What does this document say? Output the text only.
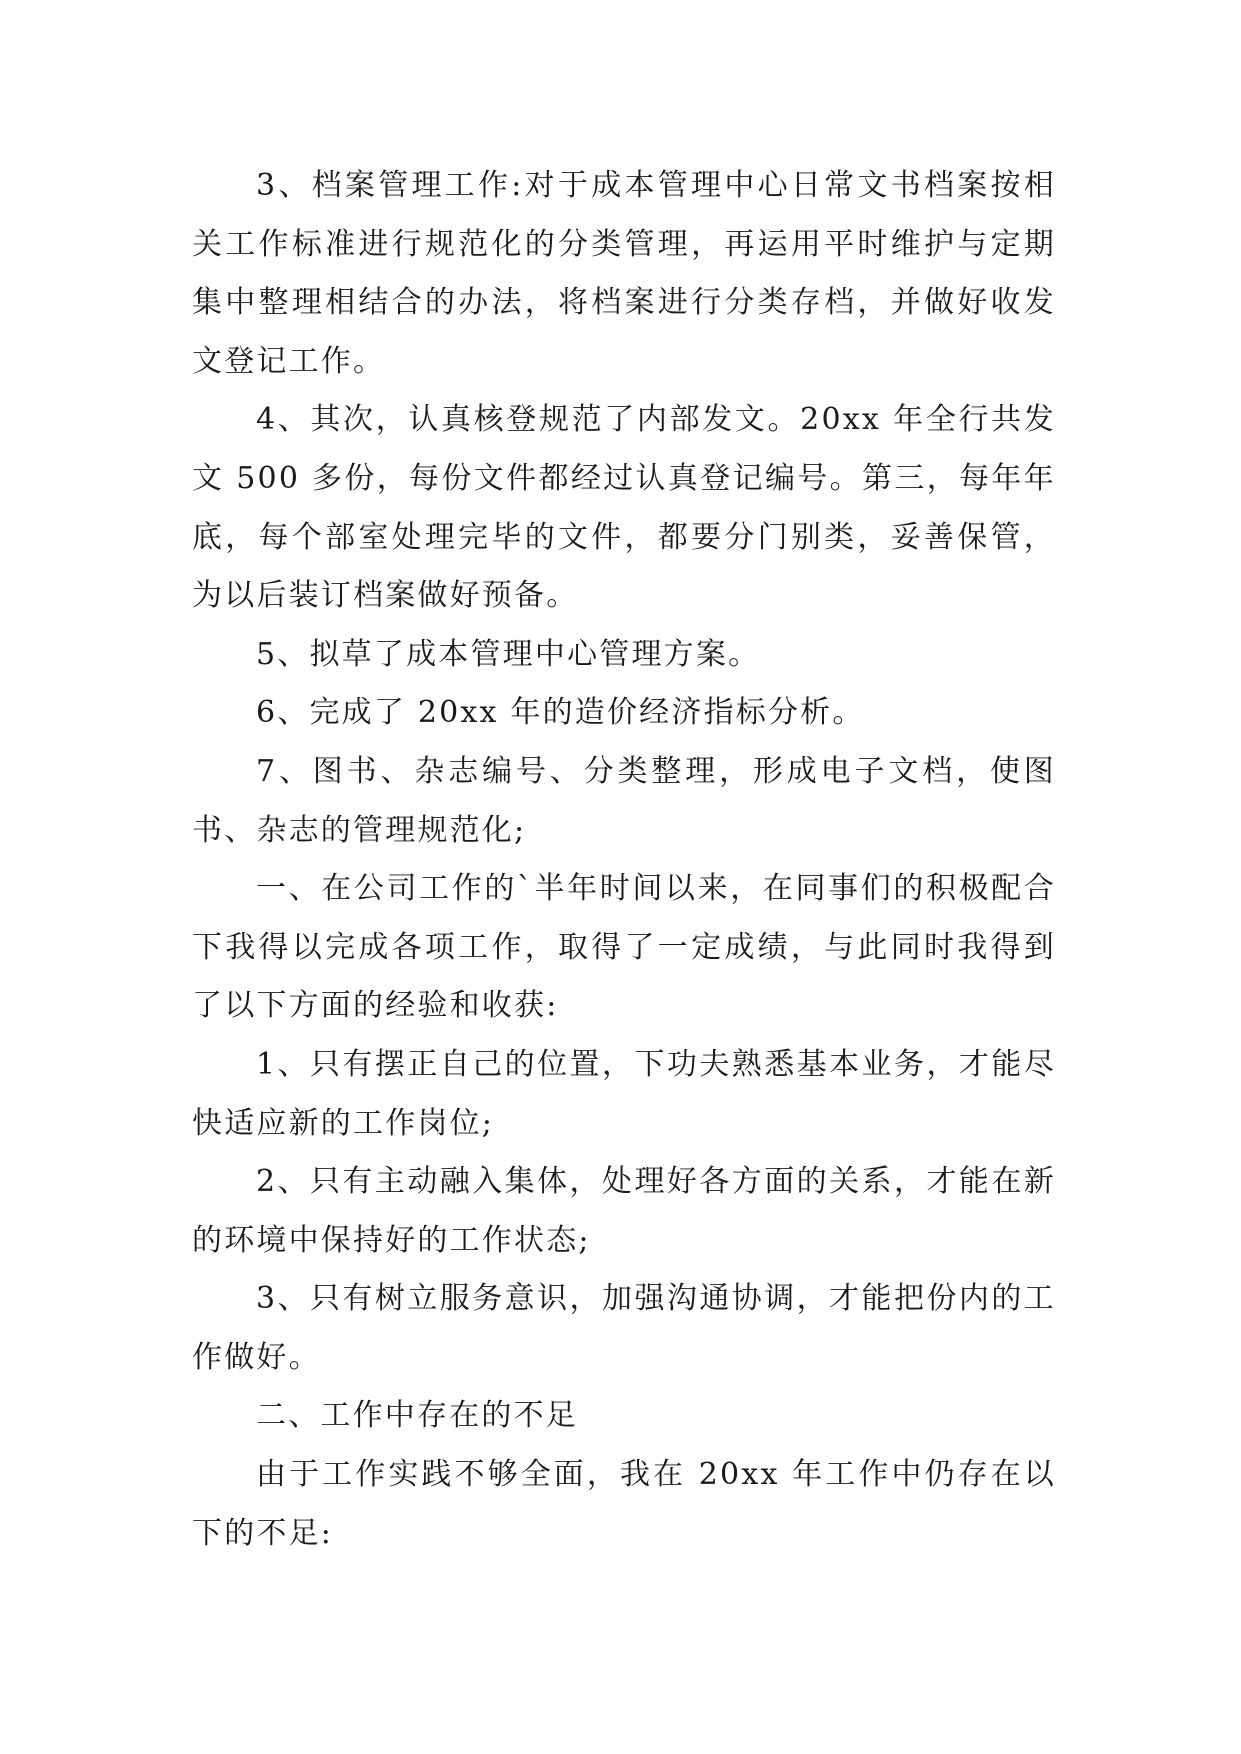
3、档案管理工作:对于成本管理中心日常文书档案按相关工作标准进行规范化的分类管理，再运用平时维护与定期集中整理相结合的办法，将档案进行分类存档，并做好收发文登记工作。

4、其次，认真核登规范了内部发文。20xx 年全行共发文 500 多份，每份文件都经过认真登记编号。第三，每年年底，每个部室处理完毕的文件，都要分门别类，妥善保管，为以后装订档案做好预备。

5、拟草了成本管理中心管理方案。

6、完成了 20xx 年的造价经济指标分析。

7、图书、杂志编号、分类整理，形成电子文档，使图书、杂志的管理规范化;

一、在公司工作的`半年时间以来，在同事们的积极配合下我得以完成各项工作，取得了一定成绩，与此同时我得到了以下方面的经验和收获:

1、只有摆正自己的位置，下功夫熟悉基本业务，才能尽快适应新的工作岗位;

2、只有主动融入集体，处理好各方面的关系，才能在新的环境中保持好的工作状态;

3、只有树立服务意识，加强沟通协调，才能把份内的工作做好。

二、工作中存在的不足

由于工作实践不够全面，我在 20xx 年工作中仍存在以下的不足:
